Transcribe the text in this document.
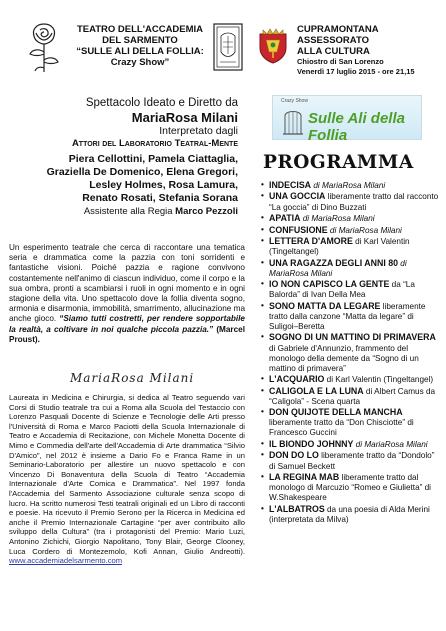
TEATRO DELL'ACCADEMIA
DEL SARMENTO
“SULLE ALI DELLA FOLLIA:
Crazy Show”
CUPRAMONTANA
ASSESSORATO
ALLA CULTURA
Chiostro di San Lorenzo
Venerdì 17 luglio 2015 - ore 21,15
Spettacolo Ideato e Diretto da
MariaRosa Milani
Interpretato dagli
Attori del Laboratorio Teatral-Mente
Piera Cellottini, Pamela Ciattaglia,
Graziella De Domenico, Elena Gregori,
Lesley Holmes, Rosa Lamura,
Renato Rosati, Stefania Sorana
Assistente alla Regia Marco Pezzoli
Un esperimento teatrale che cerca di raccontare una tematica seria e drammatica come la pazzia con toni sorridenti e fantastiche visioni. Poiché pazzia e ragione convivono costantemente nell'animo di ciascun individuo, come il corpo e la sua ombra, pronti a scambiarsi i ruoli in ogni momento e in ogni stagione della vita. Uno spettacolo dove la follia diventa sogno, armonia e disarmonia, immobilità, smarrimento, allucinazione ma anche gioco. “Siamo tutti costretti, per rendere sopportabile la realtà, a coltivare in noi qualche piccola pazzia.” (Marcel Proust).
MariaRosa Milani
Laureata in Medicina e Chirurgia, si dedica al Teatro seguendo vari Corsi di Studio teatrale tra cui a Roma alla Scuola del Testaccio con Lorenzo Pasquali Docente di Scienze e Tecnologie delle Arti presso l'Università di Roma e Marco Paciotti della Scuola Internazionale di Teatro e Accademia di Recitazione, con Michele Monetta Docente di Mimo e Commedia dell'arte dell'Accademia di Arte drammatica “Silvio D'Amico”, nel 2012 è insieme a Dario Fo e Franca Rame in un Seminario-Laboratorio per allestire un nuovo spettacolo e con Vincenzo Di Bonaventura della Scuola di Teatro “Accademia Internazionale d'Arte Comica e Drammatica”. Nel 1997 fonda l'Accademia del Sarmento Associazione culturale senza scopo di lucro. Ha scritto numerosi Testi teatrali originali ed un Libro di racconti e poesie. Ha ricevuto il Premio Serono per la Ricerca in Medicina ed anche il Premio Internazionale Cartagine “per aver contribuito allo sviluppo della Cultura” (tra i protagonisti del Premio: Mario Luzi, Antonino Zichichi, Giorgio Napolitano, Tony Blair, George Clooney, Luca Cordero di Montezemolo, Kofi Annan, Giulio Andreotti). www.accademiadelsarmento.com
Crazy Show
Sulle Ali della Follia
PROGRAMMA
• INDECISA di MariaRosa Milani
• UNA GOCCIA liberamente tratto dal racconto “La goccia” di Dino Buzzati
• APATIA di MariaRosa Milani
• CONFUSIONE di MariaRosa Milani
• LETTERA D'AMORE di Karl Valentin (Tingeltangel)
• UNA RAGAZZA DEGLI ANNI 80 di MariaRosa Milani
• IO NON CAPISCO LA GENTE da “La Balorda” di Ivan Della Mea
• SONO MATTA DA LEGARE liberamente tratto dalla canzone “Matta da legare” di Suligoi–Beretta
• SOGNO DI UN MATTINO DI PRIMAVERA di Gabriele d'Annunzio, frammento del monologo della demente da “Sogno di un mattino di primavera”
• L'ACQUARIO di Karl Valentin (Tingeltangel)
• CALIGOLA E LA LUNA di Albert Camus da “Caligola” - Scena quarta
• DON QUIJOTE DELLA MANCHA liberamente tratto da “Don Chisciotte” di Francesco Guccini
• IL BIONDO JOHNNY di MariaRosa Milani
• DON DO LO liberamente tratto da “Dondolo” di Samuel Beckett
• LA REGINA MAB liberamente tratto dal monologo di Marcuzio “Romeo e Giulietta” di W.Shakespeare
• L'ALBATROS da una poesia di Alda Merini (interpretata da Milva)
